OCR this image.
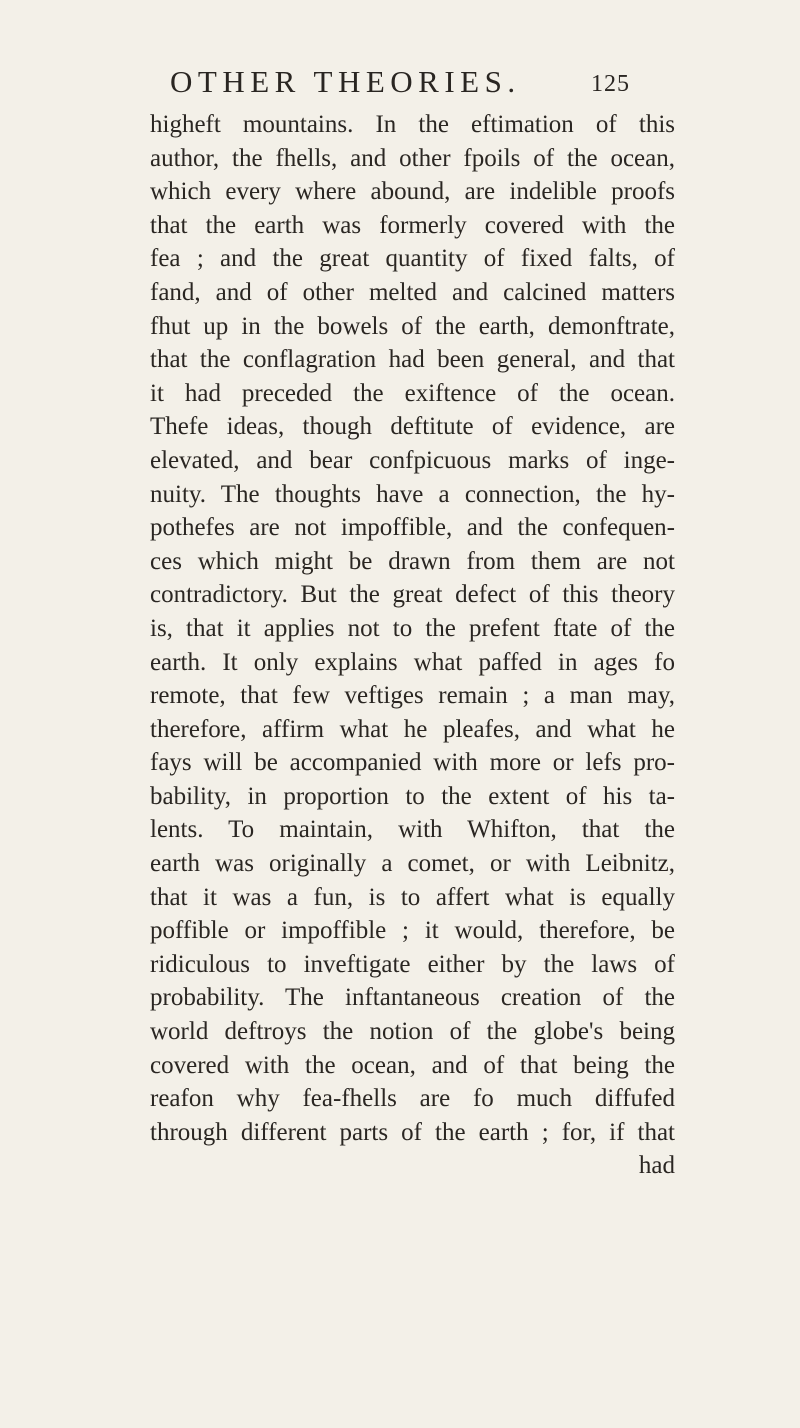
OTHER THEORIES.	125
higheft mountains. In the eftimation of this
author, the fhells, and other fpoils of the ocean,
which every where abound, are indelible proofs
that the earth was formerly covered with the
fea ; and the great quantity of fixed falts, of
fand, and of other melted and calcined matters
fhut up in the bowels of the earth, demonftrate,
that the conflagration had been general, and that
it had preceded the exiftence of the ocean.
Thefe ideas, though deftitute of evidence, are
elevated, and bear confpicuous marks of inge-
nuity. The thoughts have a connection, the hy-
pothefes are not impoffible, and the confequen-
ces which might be drawn from them are not
contradictory. But the great defect of this theory
is, that it applies not to the prefent ftate of the
earth. It only explains what paffed in ages fo
remote, that few veftiges remain ; a man may,
therefore, affirm what he pleafes, and what he
fays will be accompanied with more or lefs pro-
bability, in proportion to the extent of his ta-
lents. To maintain, with Whifton, that the
earth was originally a comet, or with Leibnitz,
that it was a fun, is to affert what is equally
poffible or impoffible ; it would, therefore, be
ridiculous to inveftigate either by the laws of
probability. The inftantaneous creation of the
world deftroys the notion of the globe's being
covered with the ocean, and of that being the
reafon why fea-fhells are fo much diffufed
through different parts of the earth ; for, if that
had
